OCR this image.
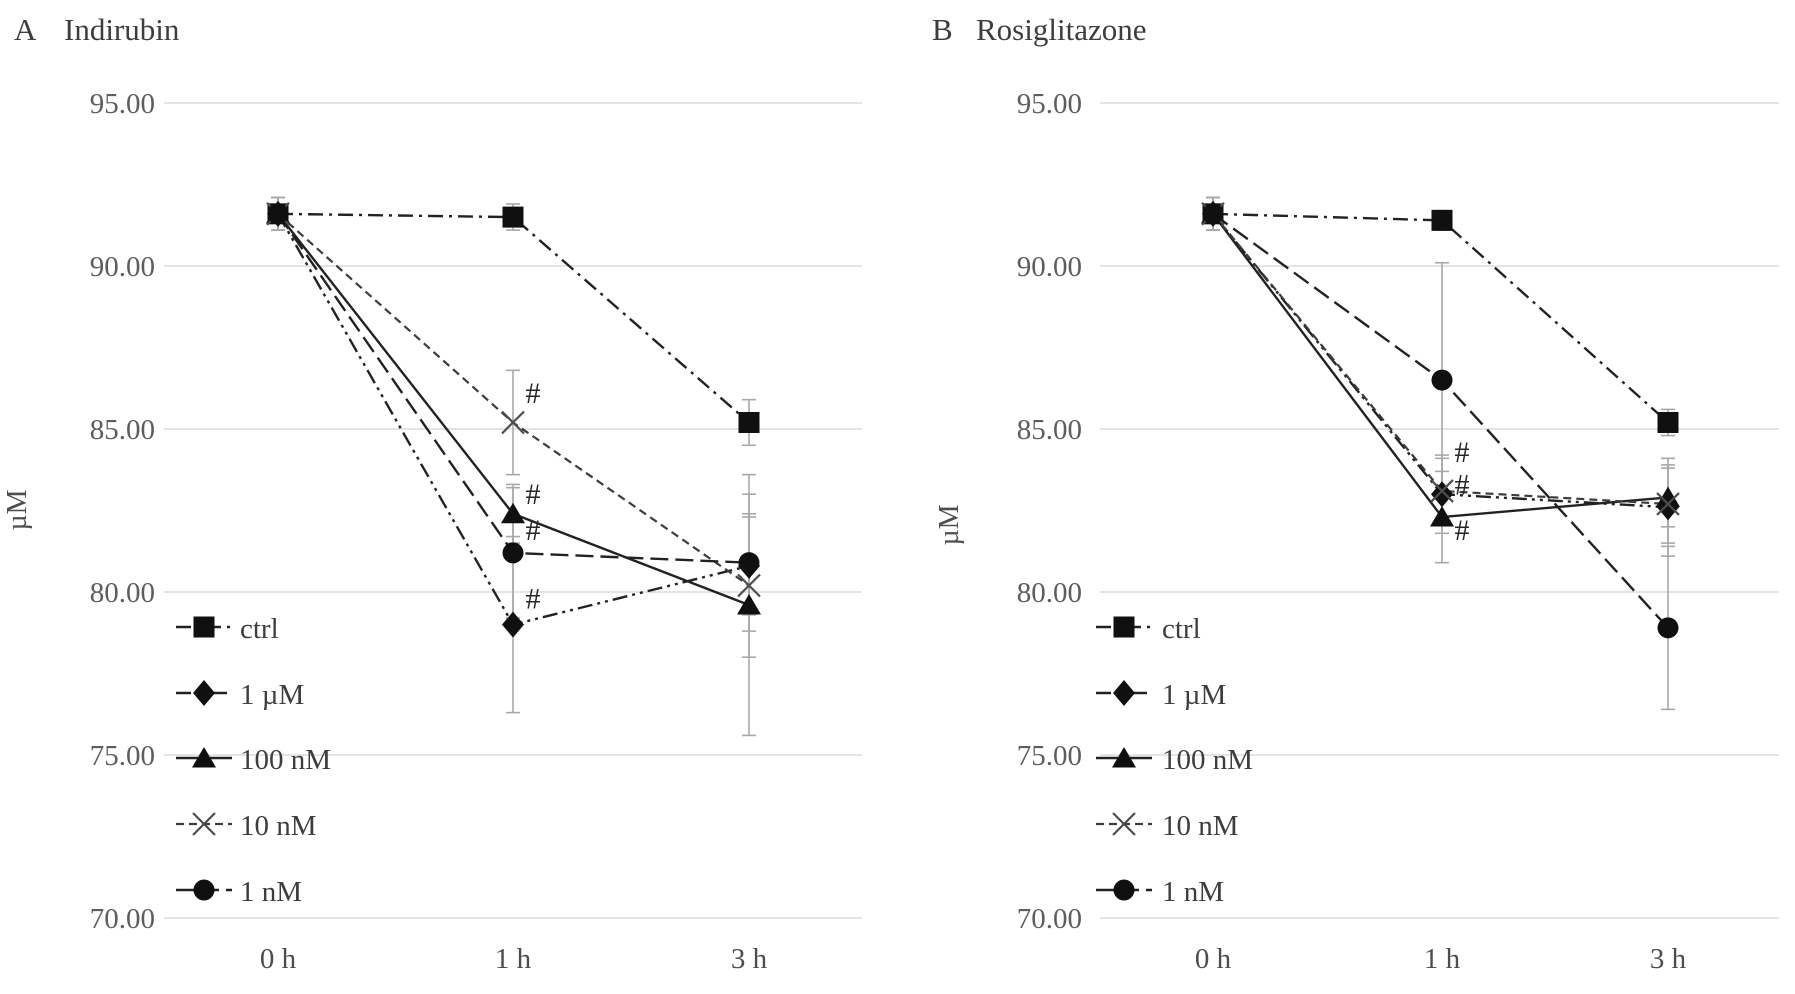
A Indirubin
95.00
90.00
85.00
80.00
75.00
70.00
0 h	1 h	3 h
µM
#
#
#
#
ctrl
1 µM
100 nM
10 nM
1 nM
B Rosiglitazone
95.00
90.00
85.00
80.00
75.00
70.00
0 h	1 h	3 h
µM
#
#
#
ctrl
1 µM
100 nM
10 nM
1 nM
